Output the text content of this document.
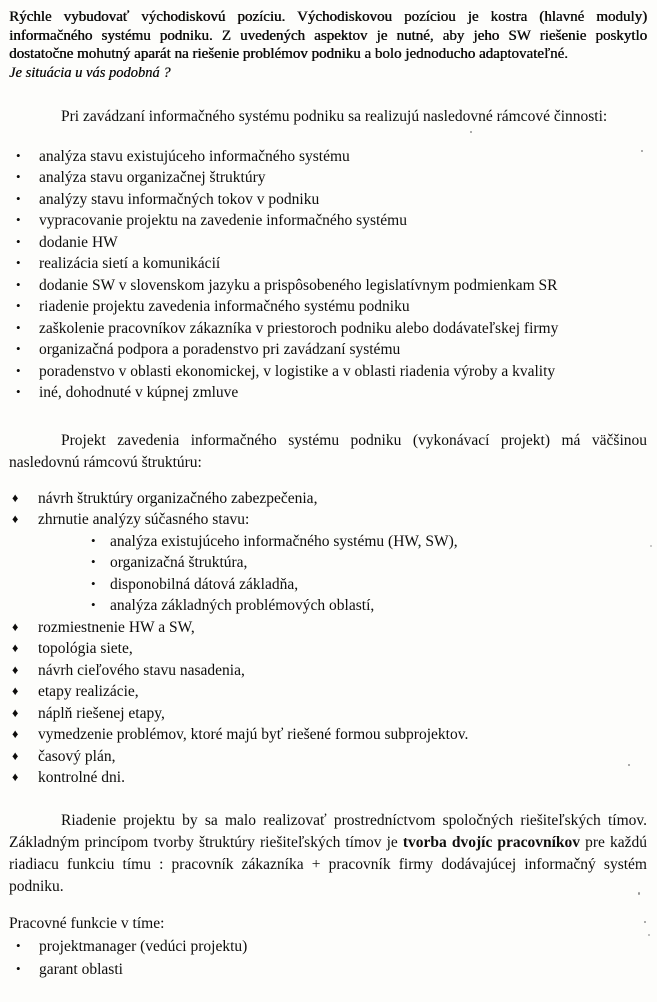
Rýchle vybudovať východiskovú pozíciu. Východiskovou pozíciou je kostra (hlavné moduly) informačného systému podniku. Z uvedených aspektov je nutné, aby jeho SW riešenie poskytlo dostatočne mohutný aparát na riešenie problémov podniku a bolo jednoducho adaptovateľné.
Je situácia u vás podobná ?
Pri zavádzaní informačného systému podniku sa realizujú nasledovné rámcové činnosti:
• analýza stavu existujúceho informačného systému
• analýza stavu organizačnej štruktúry
• analýzy stavu informačných tokov v podniku
• vypracovanie projektu na zavedenie informačného systému
• dodanie HW
• realizácia sietí a komunikácií
• dodanie SW v slovenskom jazyku a prispôsobeného legislatívnym podmienkam SR
• riadenie projektu zavedenia informačného systému podniku
• zaškolenie pracovníkov zákazníka v priestoroch podniku alebo dodávateľskej firmy
• organizačná podpora a poradenstvo pri zavádzaní systému
• poradenstvo v oblasti ekonomickej, v logistike a v oblasti riadenia výroby a kvality
• iné, dohodnuté v kúpnej zmluve
Projekt zavedenia informačného systému podniku (vykonávací projekt) má väčšinou nasledovnú rámcovú štruktúru:
♦ návrh štruktúry organizačného zabezpečenia,
♦ zhrnutie analýzy súčasného stavu:
• analýza existujúceho informačného systému (HW, SW),
• organizačná štruktúra,
• disponobilná dátová základňa,
• analýza základných problémových oblastí,
♦ rozmiestnenie HW a SW,
♦ topológia siete,
♦ návrh cieľového stavu nasadenia,
♦ etapy realizácie,
♦ náplň riešenej etapy,
♦ vymedzenie problémov, ktoré majú byť riešené formou subprojektov.
♦ časový plán,
♦ kontrolné dni.
Riadenie projektu by sa malo realizovať prostredníctvom spoločných riešiteľských tímov. Základným princípom tvorby štruktúry riešiteľských tímov je tvorba dvojíc pracovníkov pre každú riadiacu funkciu tímu : pracovník zákazníka + pracovník firmy dodávajúcej informačný systém podniku.
Pracovné funkcie v tíme:
• projektmanager (vedúci projektu)
• garant oblasti
